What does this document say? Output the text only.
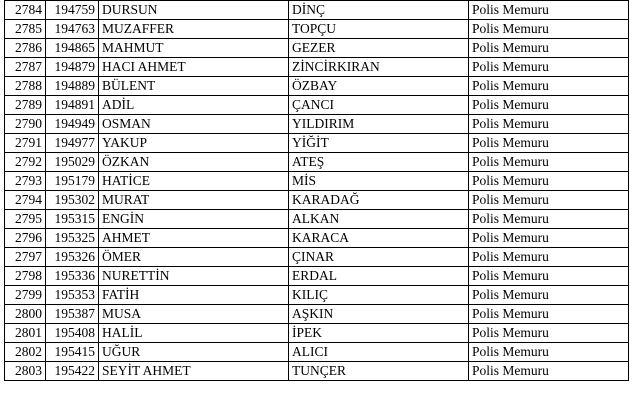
2784	194759	DURSUN	DİNÇ	Polis Memuru
2785	194763	MUZAFFER	TOPÇU	Polis Memuru
2786	194865	MAHMUT	GEZER	Polis Memuru
2787	194879	HACI AHMET	ZİNCİRKIRAN	Polis Memuru
2788	194889	BÜLENT	ÖZBAY	Polis Memuru
2789	194891	ADİL	ÇANCI	Polis Memuru
2790	194949	OSMAN	YILDIRIM	Polis Memuru
2791	194977	YAKUP	YİĞİT	Polis Memuru
2792	195029	ÖZKAN	ATEŞ	Polis Memuru
2793	195179	HATİCE	MİS	Polis Memuru
2794	195302	MURAT	KARADAĞ	Polis Memuru
2795	195315	ENGİN	ALKAN	Polis Memuru
2796	195325	AHMET	KARACA	Polis Memuru
2797	195326	ÖMER	ÇINAR	Polis Memuru
2798	195336	NURETTİN	ERDAL	Polis Memuru
2799	195353	FATİH	KILIÇ	Polis Memuru
2800	195387	MUSA	AŞKIN	Polis Memuru
2801	195408	HALİL	İPEK	Polis Memuru
2802	195415	UĞUR	ALICI	Polis Memuru
2803	195422	SEYİT AHMET	TUNÇER	Polis Memuru
